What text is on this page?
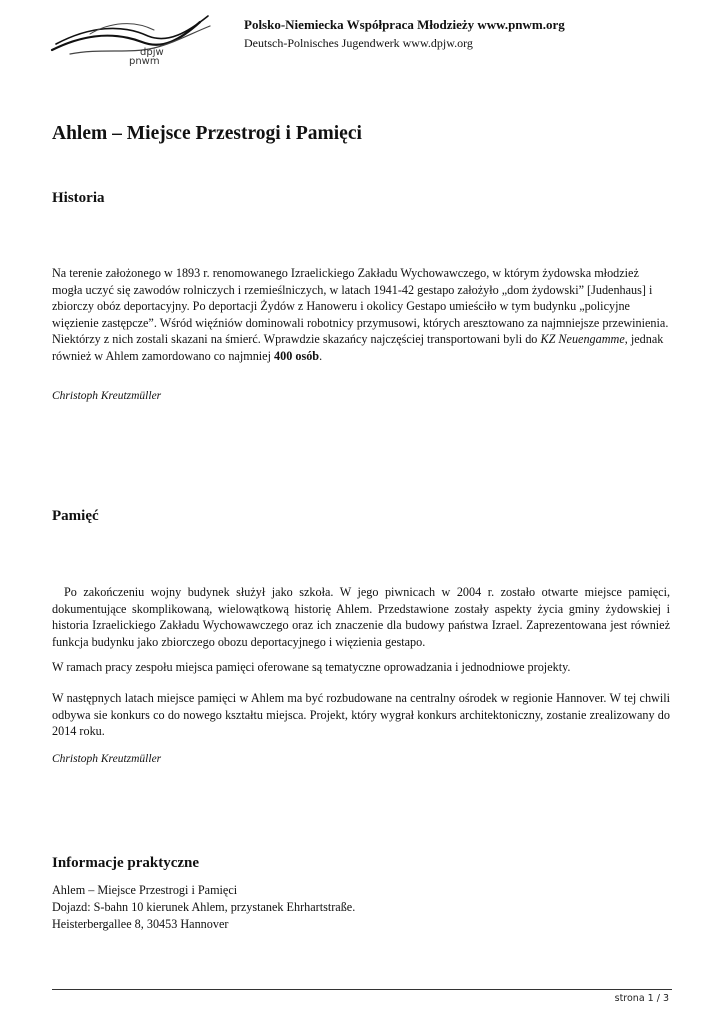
dpjw
pnwm
Polsko-Niemiecka Współpraca Młodzieży www.pnwm.org
Deutsch-Polnisches Jugendwerk www.dpjw.org
Ahlem – Miejsce Przestrogi i Pamięci
Historia

Na terenie założonego w 1893 r. renomowanego Izraelickiego Zakładu Wychowawczego, w którym żydowska młodzież mogła uczyć się zawodów rolniczych i rzemieślniczych, w latach 1941-42 gestapo założyło „dom żydowski” [Judenhaus] i zbiorczy obóz deportacyjny. Po deportacji Żydów z Hanoweru i okolicy Gestapo umieściło w tym budynku „policyjne więzienie zastępcze”. Wśród więźniów dominowali robotnicy przymusowi, których aresztowano za najmniejsze przewinienia. Niektórzy z nich zostali skazani na śmierć. Wprawdzie skazańcy najczęściej transportowani byli do KZ Neuengamme, jednak również w Ahlem zamordowano co najmniej 400 osób.

Christoph Kreutzmüller
Pamięć

Po zakończeniu wojny budynek służył jako szkoła. W jego piwnicach w 2004 r. zostało otwarte miejsce pamięci, dokumentujące skomplikowaną, wielowątkową historię Ahlem. Przedstawione zostały aspekty życia gminy żydowskiej i historia Izraelickiego Zakładu Wychowawczego oraz ich znaczenie dla budowy państwa Izrael. Zaprezentowana jest również funkcja budynku jako zbiorczego obozu deportacyjnego i więzienia gestapo.

W ramach pracy zespołu miejsca pamięci oferowane są tematyczne oprowadzania i jednodniowe projekty.

W następnych latach miejsce pamięci w Ahlem ma być rozbudowane na centralny ośrodek w regionie Hannover. W tej chwili odbywa sie konkurs co do nowego kształtu miejsca. Projekt, który wygrał konkurs architektoniczny, zostanie zrealizowany do 2014 roku.

Christoph Kreutzmüller
Informacje praktyczne
Ahlem – Miejsce Przestrogi i Pamięci
Dojazd: S-bahn 10 kierunek Ahlem, przystanek Ehrhartstraße.
Heisterbergallee 8, 30453 Hannover
strona 1 / 3
